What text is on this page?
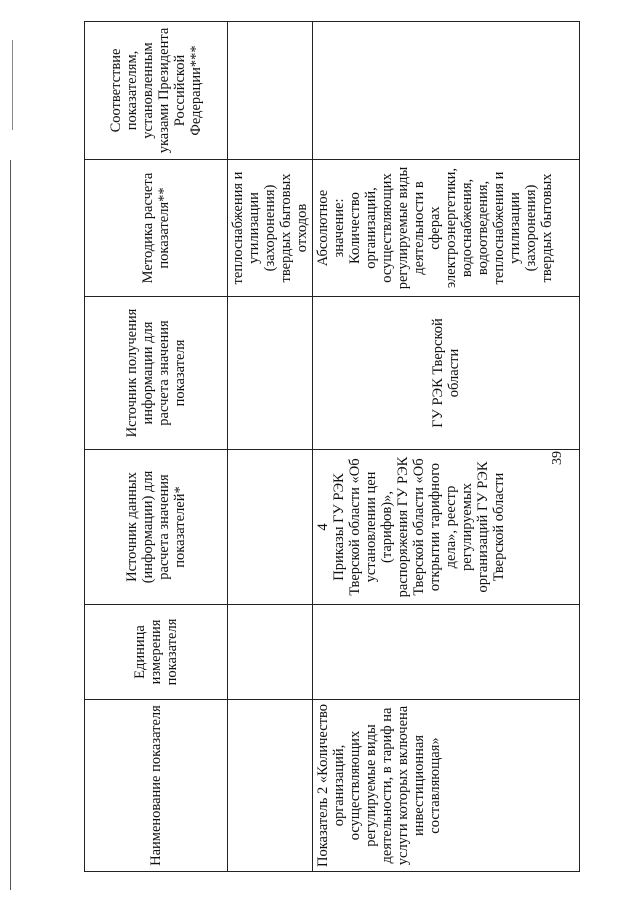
39
Наименование показателя	Единица измерения показателя	Источник данных (информации) для расчета значения показателей*	Источник получения информации для расчета значения показателя	Методика расчета показателя**	Соответствие показателям, установленным указами Президента Российской Федерации***
				теплоснабжения и утилизации (захоронения) твердых бытовых отходов	
Показатель 2 «Количество организаций, осуществляющих регулируемые виды деятельности, в тариф на услуги которых включена инвестиционная составляющая»		4 Приказы ГУ РЭК Тверской области «Об установлении цен (тарифов)», распоряжения ГУ РЭК Тверской области «Об открытии тарифного дела», реестр регулируемых организаций ГУ РЭК Тверской области	ГУ РЭК Тверской области	Абсолютное значение: Количество организаций, осуществляющих регулируемые виды деятельности в сферах электроэнергетики, водоснабжения, водоотведения, теплоснабжения и утилизации (захоронения) твердых бытовых	
